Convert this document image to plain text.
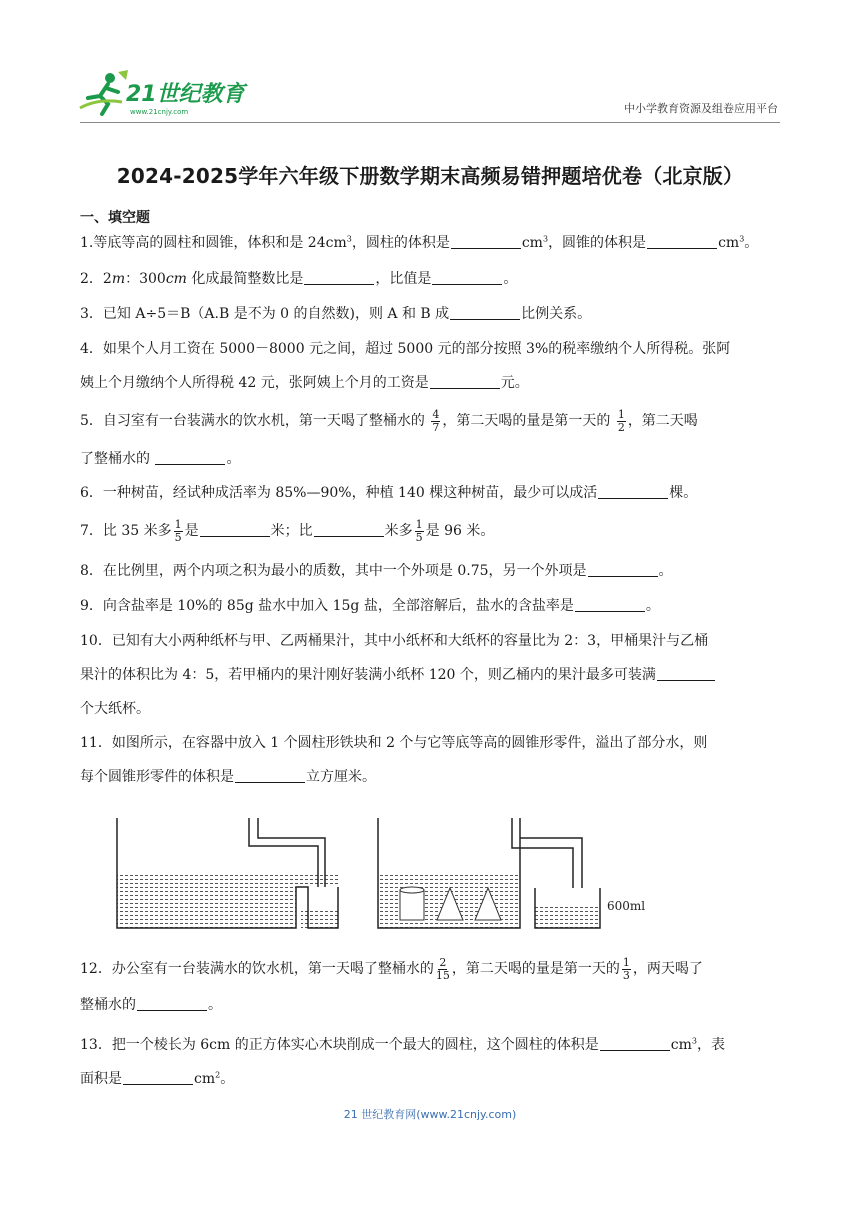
21世纪教育
www.21cnjy.com	中小学教育资源及组卷应用平台
2024-2025学年六年级下册数学期末高频易错押题培优卷（北京版）
一、填空题
1.等底等高的圆柱和圆锥，体积和是 $24cm^3$，圆柱的体积是	$cm^3$，圆锥的体积是	$cm^3$。
2．2m：300cm 化成最简整数比是	，比值是	。
3．已知 A÷5＝B（A.B 是不为 0 的自然数)，则 A 和 B 成	比例关系。
4．如果个人月工资在 5000－8000 元之间，超过 5000 元的部分按照 3%的税率缴纳个人所得税。张阿
姨上个月缴纳个人所得税 42 元，张阿姨上个月的工资是	元。
5．自习室有一台装满水的饮水机，第一天喝了整桶水的 $\frac{4}{7}$ ，第二天喝的量是第一天的 $\frac{1}{2}$ ，第二天喝
了整桶水的	。
6．一种树苗，经试种成活率为 85%—90%，种植 140 棵这种树苗，最少可以成活	棵。
7．比 35 米多 $\frac{1}{5}$ 是	米；比	米多 $\frac{1}{5}$ 是 96 米。
8．在比例里，两个内项之积为最小的质数，其中一个外项是 0.75，另一个外项是	。
9．向含盐率是 10%的 85g 盐水中加入 15g 盐，全部溶解后，盐水的含盐率是	。
10．已知有大小两种纸杯与甲、乙两桶果汁，其中小纸杯和大纸杯的容量比为 2：3，甲桶果汁与乙桶
果汁的体积比为 4：5，若甲桶内的果汁刚好装满小纸杯 120 个，则乙桶内的果汁最多可装满
个大纸杯。
11．如图所示，在容器中放入 1 个圆柱形铁块和 2 个与它等底等高的圆锥形零件，溢出了部分水，则
每个圆锥形零件的体积是	立方厘米。
600ml
12．办公室有一台装满水的饮水机，第一天喝了整桶水的 $\frac{2}{15}$ ，第二天喝的量是第一天的 $\frac{1}{3}$ ，两天喝了
整桶水的	。
13．把一个棱长为 6cm 的正方体实心木块削成一个最大的圆柱，这个圆柱的体积是	$cm^3$，表
面积是	$cm^2$。
21 世纪教育网(www.21cnjy.com)
